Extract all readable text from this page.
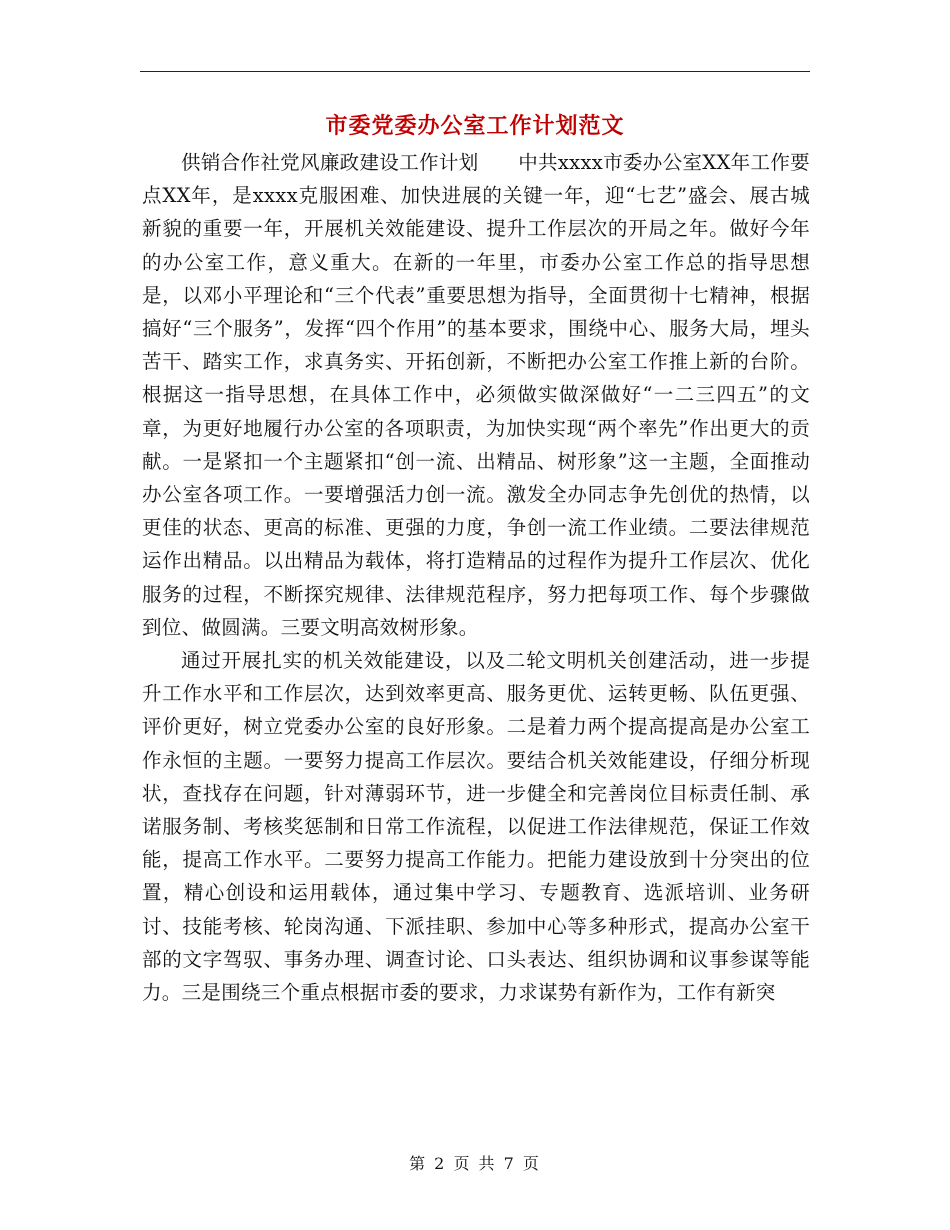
市委党委办公室工作计划范文

供销合作社党风廉政建设工作计划　　中共xxxx市委办公室XX年工作要点XX年，是xxxx克服困难、加快进展的关键一年，迎“七艺”盛会、展古城新貌的重要一年，开展机关效能建设、提升工作层次的开局之年。做好今年的办公室工作，意义重大。在新的一年里，市委办公室工作总的指导思想是，以邓小平理论和“三个代表”重要思想为指导，全面贯彻十七精神，根据搞好“三个服务”，发挥“四个作用”的基本要求，围绕中心、服务大局，埋头苦干、踏实工作，求真务实、开拓创新，不断把办公室工作推上新的台阶。根据这一指导思想，在具体工作中，必须做实做深做好“一二三四五”的文章，为更好地履行办公室的各项职责，为加快实现“两个率先”作出更大的贡献。一是紧扣一个主题紧扣“创一流、出精品、树形象”这一主题，全面推动办公室各项工作。一要增强活力创一流。激发全办同志争先创优的热情，以更佳的状态、更高的标准、更强的力度，争创一流工作业绩。二要法律规范运作出精品。以出精品为载体，将打造精品的过程作为提升工作层次、优化服务的过程，不断探究规律、法律规范程序，努力把每项工作、每个步骤做到位、做圆满。三要文明高效树形象。

通过开展扎实的机关效能建设，以及二轮文明机关创建活动，进一步提升工作水平和工作层次，达到效率更高、服务更优、运转更畅、队伍更强、评价更好，树立党委办公室的良好形象。二是着力两个提高提高是办公室工作永恒的主题。一要努力提高工作层次。要结合机关效能建设，仔细分析现状，查找存在问题，针对薄弱环节，进一步健全和完善岗位目标责任制、承诺服务制、考核奖惩制和日常工作流程，以促进工作法律规范，保证工作效能，提高工作水平。二要努力提高工作能力。把能力建设放到十分突出的位置，精心创设和运用载体，通过集中学习、专题教育、选派培训、业务研讨、技能考核、轮岗沟通、下派挂职、参加中心等多种形式，提高办公室干部的文字驾驭、事务办理、调查讨论、口头表达、组织协调和议事参谋等能力。三是围绕三个重点根据市委的要求，力求谋势有新作为，工作有新突

第 2 页 共 7 页
